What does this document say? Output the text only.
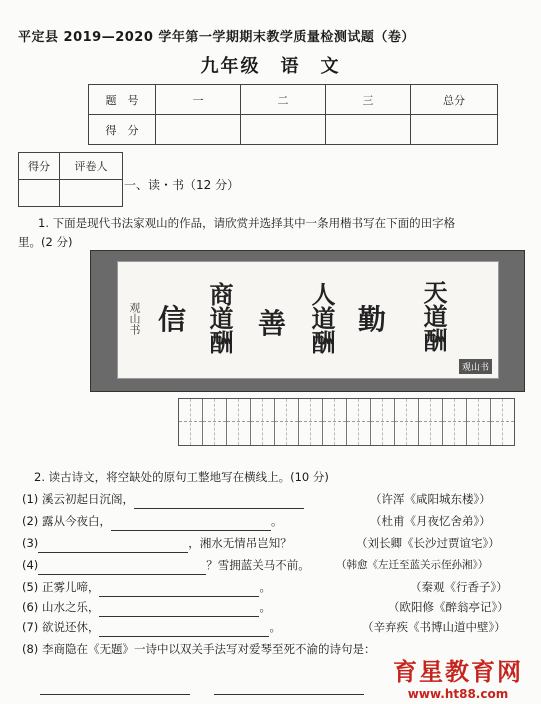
平定县 2019—2020 学年第一学期期末教学质量检测试题（卷）
九年级　语　文
题　号	一	二	三	总分
得　分				
得分	评卷人

一、读・书（12 分）
1. 下面是现代书法家观山的作品，请欣赏并选择其中一条用楷书写在下面的田字格
里。(2 分)
观山书 信 商道酬 善 人道酬 勤 天道酬
观山书
2. 读古诗文，将空缺处的原句工整地写在横线上。(10 分)
(1) 溪云初起日沉阁，	（许浑《咸阳城东楼》）
(2) 露从今夜白，	。	（杜甫《月夜忆舍弟》）
(3)	，湘水无情吊岂知？	（刘长卿《长沙过贾谊宅》）
(4)	？雪拥蓝关马不前。 （韩愈《左迁至蓝关示侄孙湘》）
(5) 正雾儿啼，	。	（秦观《行香子》）
(6) 山水之乐，	。	（欧阳修《醉翁亭记》）
(7) 欲说还休，	。	（辛弃疾《书博山道中壁》）
(8) 李商隐在《无题》一诗中以双关手法写对爱琴至死不渝的诗句是：

育星教育网
www.ht88.com
